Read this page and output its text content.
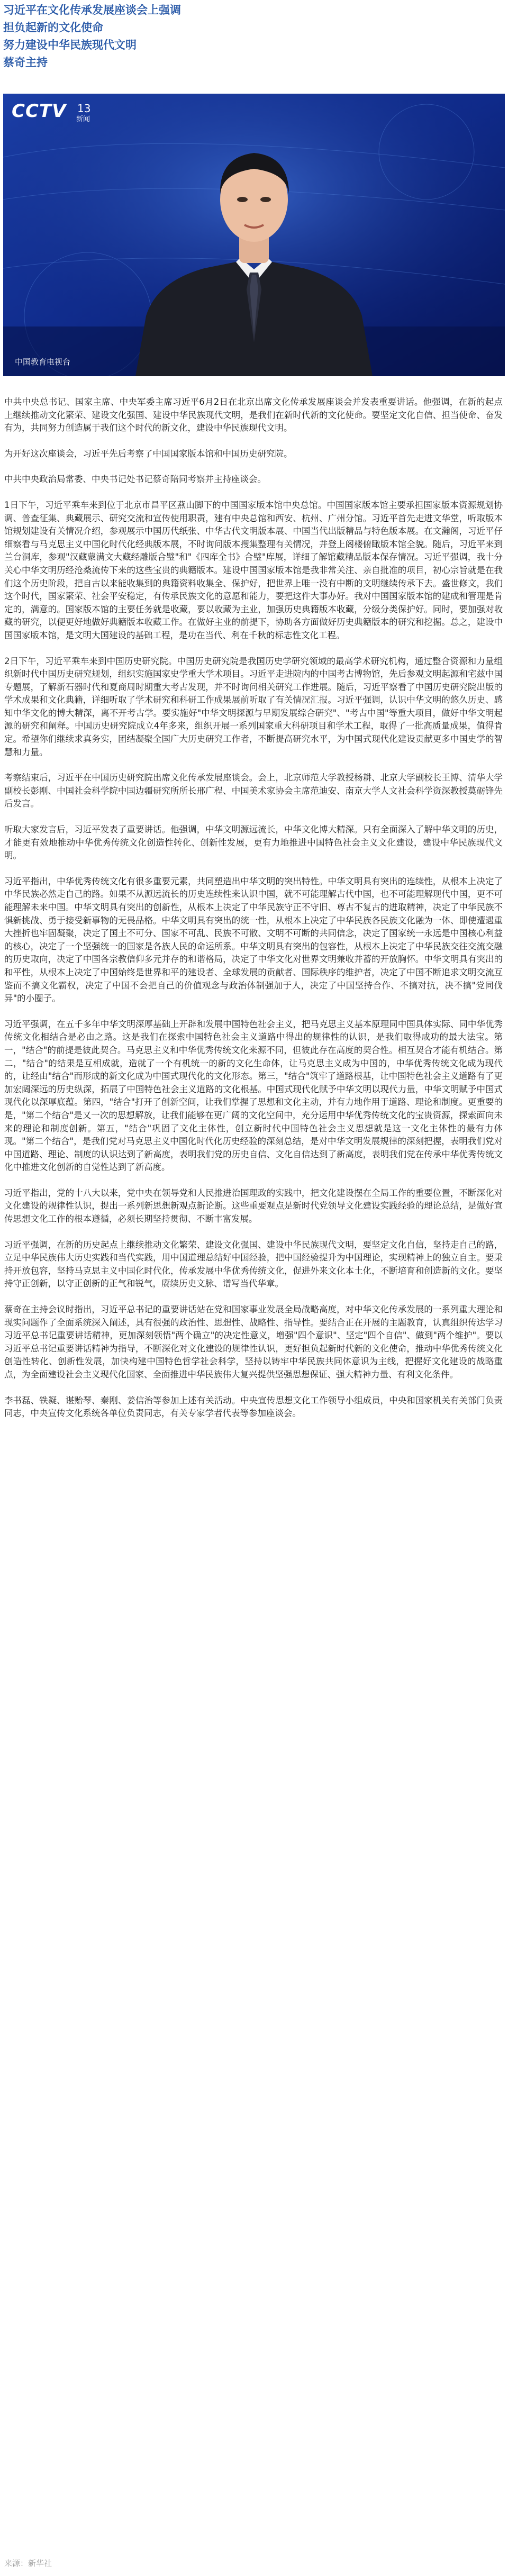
习近平在文化传承发展座谈会上强调

担负起新的文化使命

努力建设中华民族现代文明

蔡奇主持

CCTV 13
新闻
中国教育电视台

中共中央总书记、国家主席、中央军委主席习近平6月2日在北京出席文化传承发展座谈会并发表重要讲话。他强调，在新的起点上继续推动文化繁荣、建设文化强国、建设中华民族现代文明，是我们在新时代新的文化使命。要坚定文化自信、担当使命、奋发有为，共同努力创造属于我们这个时代的新文化，建设中华民族现代文明。

为开好这次座谈会，习近平先后考察了中国国家版本馆和中国历史研究院。

中共中央政治局常委、中央书记处书记蔡奇陪同考察并主持座谈会。

1日下午，习近平乘车来到位于北京市昌平区燕山脚下的中国国家版本馆中央总馆。中国国家版本馆主要承担国家版本资源规划协调、普查征集、典藏展示、研究交流和宣传使用职责，建有中央总馆和西安、杭州、广州分馆。习近平首先走进文华堂，听取版本馆规划建设有关情况介绍，参观展示中国历代纸张、中华古代文明版本展、中国当代出版精品与特色版本展。在文瀚阁，习近平仔细察看与马克思主义中国化时代化经典版本展，不时询问版本搜集整理有关情况，并登上阁楼俯瞰版本馆全貌。随后，习近平来到兰台洞库，参观"汉藏蒙满文大藏经雕版合璧"和"《四库全书》合璧"库展，详细了解馆藏精品版本保存情况。习近平强调，我十分关心中华文明历经沧桑流传下来的这些宝贵的典籍版本。建设中国国家版本馆是我非常关注、亲自批准的项目，初心宗旨就是在我们这个历史阶段，把自古以来能收集到的典籍资料收集全、保护好，把世界上唯一没有中断的文明继续传承下去。盛世修文，我们这个时代，国家繁荣、社会平安稳定，有传承民族文化的意愿和能力，要把这件大事办好。我对中国国家版本馆的建成和管理是肯定的，满意的。国家版本馆的主要任务就是收藏，要以收藏为主业，加强历史典籍版本收藏，分级分类保护好。同时，要加强对收藏的研究，以便更好地做好典籍版本收藏工作。在做好主业的前提下，协助各方面做好历史典籍版本的研究和挖掘。总之，建设中国国家版本馆，是文明大国建设的基础工程，是功在当代、利在千秋的标志性文化工程。

2日下午，习近平乘车来到中国历史研究院。中国历史研究院是我国历史学研究领域的最高学术研究机构，通过整合资源和力量组织新时代中国历史研究规划，组织实施国家史学重大学术项目。习近平走进院内的中国考古博物馆，先后参观文明起源和宅兹中国专题展，了解新石器时代和夏商周时期重大考古发现，并不时询问相关研究工作进展。随后，习近平察看了中国历史研究院出版的学术成果和文化典籍，详细听取了学术研究和科研工作成果展前听取了有关情况汇报。习近平强调，认识中华文明的悠久历史、感知中华文化的博大精深，离不开考古学。要实施好"中华文明探源与早期发展综合研究"、"考古中国"等重大项目，做好中华文明起源的研究和阐释。中国历史研究院成立4年多来，组织开展一系列国家重大科研项目和学术工程，取得了一批高质量成果，值得肯定。希望你们继续求真务实，团结凝聚全国广大历史研究工作者，不断提高研究水平，为中国式现代化建设贡献更多中国史学的智慧和力量。

考察结束后，习近平在中国历史研究院出席文化传承发展座谈会。会上，北京师范大学教授杨耕、北京大学副校长王博、清华大学副校长彭刚、中国社会科学院中国边疆研究所所长邢广程、中国美术家协会主席范迪安、南京大学人文社会科学资深教授莫砺锋先后发言。

听取大家发言后，习近平发表了重要讲话。他强调，中华文明源远流长，中华文化博大精深。只有全面深入了解中华文明的历史，才能更有效地推动中华优秀传统文化创造性转化、创新性发展，更有力地推进中国特色社会主义文化建设，建设中华民族现代文明。

习近平指出，中华优秀传统文化有很多重要元素，共同塑造出中华文明的突出特性。中华文明具有突出的连续性，从根本上决定了中华民族必然走自己的路。如果不从源远流长的历史连续性来认识中国，就不可能理解古代中国，也不可能理解现代中国，更不可能理解未来中国。中华文明具有突出的创新性，从根本上决定了中华民族守正不守旧、尊古不复古的进取精神，决定了中华民族不惧新挑战、勇于接受新事物的无畏品格。中华文明具有突出的统一性，从根本上决定了中华民族各民族文化融为一体、即使遭遇重大挫折也牢固凝聚，决定了国土不可分、国家不可乱、民族不可散、文明不可断的共同信念，决定了国家统一永远是中国核心利益的核心，决定了一个坚强统一的国家是各族人民的命运所系。中华文明具有突出的包容性，从根本上决定了中华民族交往交流交融的历史取向，决定了中国各宗教信仰多元并存的和谐格局，决定了中华文化对世界文明兼收并蓄的开放胸怀。中华文明具有突出的和平性，从根本上决定了中国始终是世界和平的建设者、全球发展的贡献者、国际秩序的维护者，决定了中国不断追求文明交流互鉴而不搞文化霸权，决定了中国不会把自己的价值观念与政治体制强加于人，决定了中国坚持合作、不搞对抗，决不搞"党同伐异"的小圈子。

习近平强调，在五千多年中华文明深厚基础上开辟和发展中国特色社会主义，把马克思主义基本原理同中国具体实际、同中华优秀传统文化相结合是必由之路。这是我们在探索中国特色社会主义道路中得出的规律性的认识，是我们取得成功的最大法宝。第一，"结合"的前提是彼此契合。马克思主义和中华优秀传统文化来源不同，但彼此存在高度的契合性。相互契合才能有机结合。第二，"结合"的结果是互相成就，造就了一个有机统一的新的文化生命体，让马克思主义成为中国的，中华优秀传统文化成为现代的，让经由"结合"而形成的新文化成为中国式现代化的文化形态。第三，"结合"筑牢了道路根基，让中国特色社会主义道路有了更加宏阔深远的历史纵深，拓展了中国特色社会主义道路的文化根基。中国式现代化赋予中华文明以现代力量，中华文明赋予中国式现代化以深厚底蕴。第四，"结合"打开了创新空间，让我们掌握了思想和文化主动，并有力地作用于道路、理论和制度。更重要的是，"第二个结合"是又一次的思想解放，让我们能够在更广阔的文化空间中，充分运用中华优秀传统文化的宝贵资源，探索面向未来的理论和制度创新。第五，"结合"巩固了文化主体性，创立新时代中国特色社会主义思想就是这一文化主体性的最有力体现。"第二个结合"，是我们党对马克思主义中国化时代化历史经验的深刻总结，是对中华文明发展规律的深刻把握，表明我们党对中国道路、理论、制度的认识达到了新高度，表明我们党的历史自信、文化自信达到了新高度，表明我们党在传承中华优秀传统文化中推进文化创新的自觉性达到了新高度。

习近平指出，党的十八大以来，党中央在领导党和人民推进治国理政的实践中，把文化建设摆在全局工作的重要位置，不断深化对文化建设的规律性认识，提出一系列新思想新观点新论断。这些重要观点是新时代党领导文化建设实践经验的理论总结，是做好宣传思想文化工作的根本遵循，必须长期坚持贯彻、不断丰富发展。

习近平强调，在新的历史起点上继续推动文化繁荣、建设文化强国、建设中华民族现代文明，要坚定文化自信，坚持走自己的路，立足中华民族伟大历史实践和当代实践，用中国道理总结好中国经验，把中国经验提升为中国理论，实现精神上的独立自主。要秉持开放包容，坚持马克思主义中国化时代化，传承发展中华优秀传统文化，促进外来文化本土化，不断培育和创造新的文化。要坚持守正创新，以守正创新的正气和锐气，赓续历史文脉、谱写当代华章。

蔡奇在主持会议时指出，习近平总书记的重要讲话站在党和国家事业发展全局战略高度，对中华文化传承发展的一系列重大理论和现实问题作了全面系统深入阐述，具有很强的政治性、思想性、战略性、指导性。要结合正在开展的主题教育，认真组织传达学习习近平总书记重要讲话精神，更加深刻领悟"两个确立"的决定性意义，增强"四个意识"、坚定"四个自信"、做到"两个维护"。要以习近平总书记重要讲话精神为指导，不断深化对文化建设的规律性认识，更好担负起新时代新的文化使命，推动中华优秀传统文化创造性转化、创新性发展，加快构建中国特色哲学社会科学，坚持以铸牢中华民族共同体意识为主线，把握好文化建设的战略重点，为全面建设社会主义现代化国家、全面推进中华民族伟大复兴提供坚强思想保证、强大精神力量、有利文化条件。

李书磊、铁凝、谌贻琴、秦刚、姜信治等参加上述有关活动。中央宣传思想文化工作领导小组成员，中央和国家机关有关部门负责同志，中央宣传文化系统各单位负责同志，有关专家学者代表等参加座谈会。

来源：新华社
